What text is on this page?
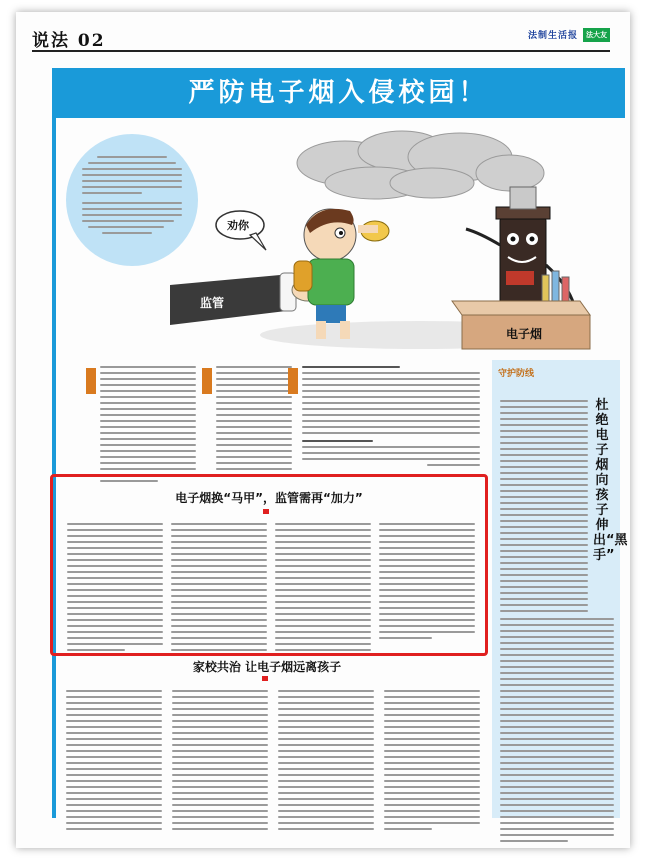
说法 02	法制生活报	法大友
严防电子烟入侵校园！
监管
劝你
电子烟
电子烟换“马甲”，监管需再“加力”
家校共治 让电子烟远离孩子
守护防线
杜绝电子烟向孩子伸出“黑手”
